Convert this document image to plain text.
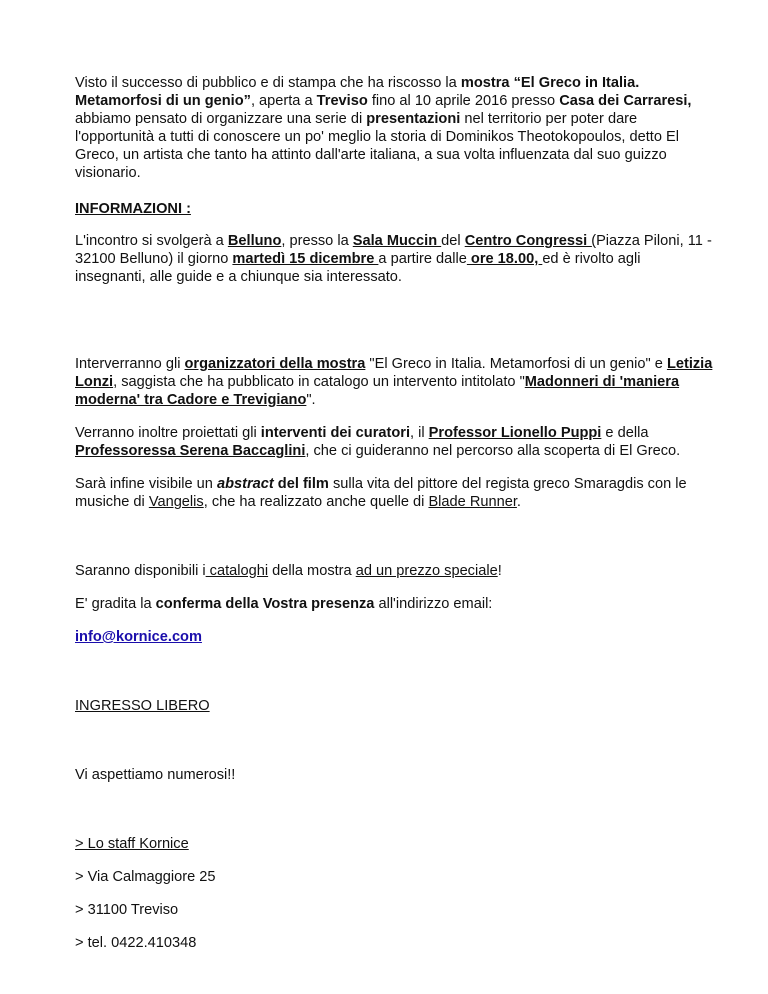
Visto il successo di pubblico e di stampa che ha riscosso la mostra “El Greco in Italia. Metamorfosi di un genio”, aperta a Treviso fino al 10 aprile 2016 presso Casa dei Carraresi, abbiamo pensato di organizzare una serie di presentazioni nel territorio per poter dare l'opportunità a tutti di conoscere un po' meglio la storia di Dominikos Theotokopoulos, detto El Greco, un artista che tanto ha attinto dall'arte italiana, a sua volta influenzata dal suo guizzo visionario.

INFORMAZIONI :

L'incontro si svolgerà a Belluno, presso la Sala Muccin del Centro Congressi (Piazza Piloni, 11 - 32100 Belluno) il giorno martedì 15 dicembre a partire dalle ore 18.00, ed è rivolto agli insegnanti, alle guide e a chiunque sia interessato.

Interverranno gli organizzatori della mostra "El Greco in Italia. Metamorfosi di un genio" e Letizia Lonzi, saggista che ha pubblicato in catalogo un intervento intitolato "Madonneri di 'maniera moderna' tra Cadore e Trevigiano".

Verranno inoltre proiettati gli interventi dei curatori, il Professor Lionello Puppi e della Professoressa Serena Baccaglini, che ci guideranno nel percorso alla scoperta di El Greco.

Sarà infine visibile un abstract del film sulla vita del pittore del regista greco Smaragdis con le musiche di Vangelis, che ha realizzato anche quelle di Blade Runner.

Saranno disponibili i cataloghi della mostra ad un prezzo speciale!

E' gradita la conferma della Vostra presenza all'indirizzo email:

info@kornice.com

INGRESSO LIBERO

Vi aspettiamo numerosi!!

> Lo staff Kornice

> Via Calmaggiore 25

> 31100 Treviso

> tel. 0422.410348
